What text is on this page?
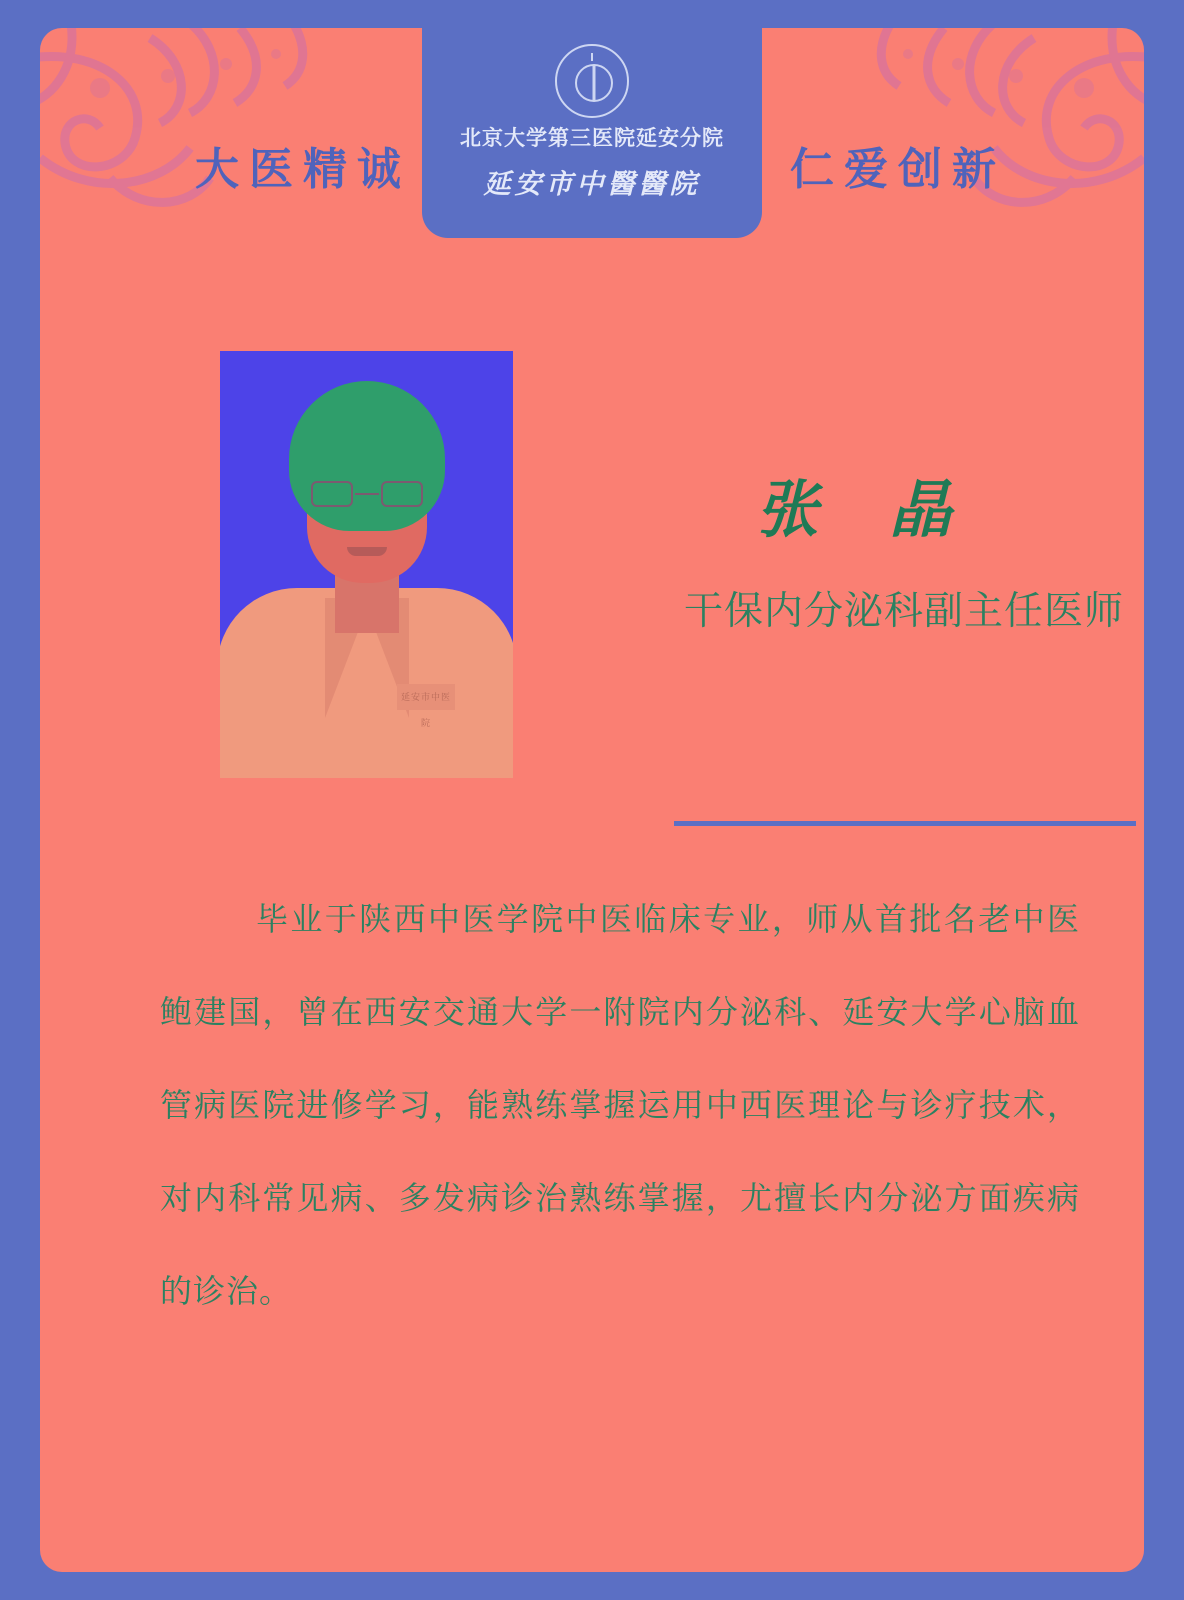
大医精诚	仁爱创新
北京大学第三医院延安分院
延安市中醫醫院
延安市中医院
张 晶
干保内分泌科副主任医师
毕业于陕西中医学院中医临床专业，师从首批名老中医鲍建国，曾在西安交通大学一附院内分泌科、延安大学心脑血管病医院进修学习，能熟练掌握运用中西医理论与诊疗技术，对内科常见病、多发病诊治熟练掌握，尤擅长内分泌方面疾病的诊治。
